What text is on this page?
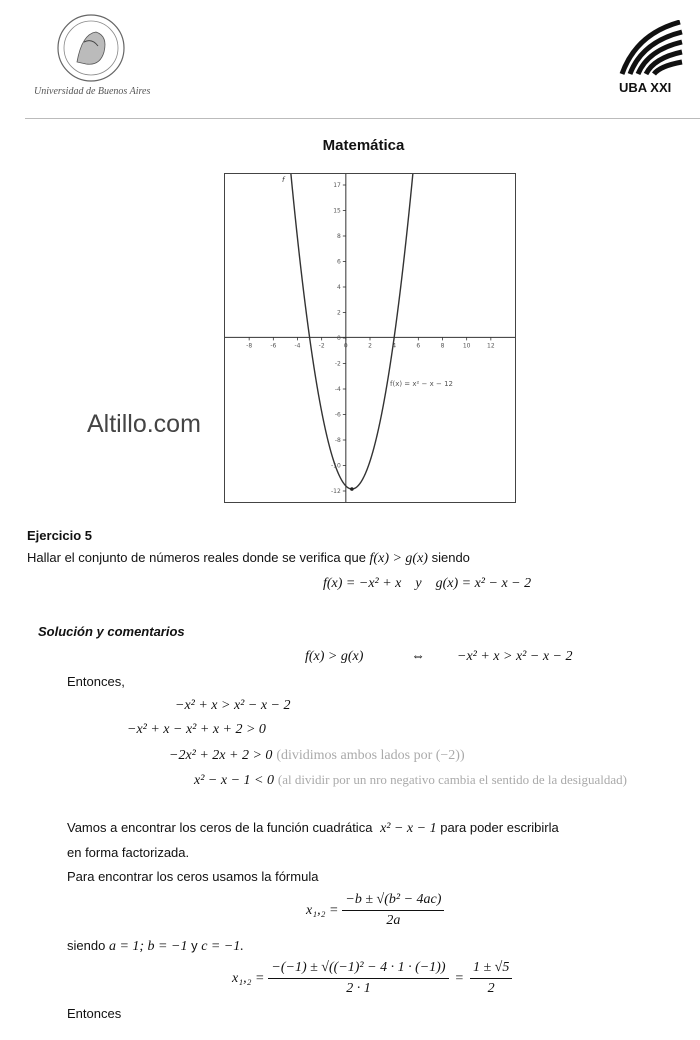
Universidad de Buenos Aires	UBA XXI
Matemática
-8	-6	-4	-2	0	2	4	6	8	10	12
17
15
8
6
4
2
0
-2
-4
-6
-8
-10
-12
f
f(x) = x² − x − 12
Altillo.com
Ejercicio 5
Hallar el conjunto de números reales donde se verifica que f(x) > g(x) siendo
f(x) = −x² + x    y    g(x) = x² − x − 2
Solución y comentarios
f(x) > g(x)	⇔ −x² + x > x² − x − 2
Entonces,
−x² + x > x² − x − 2
−x² + x − x² + x + 2 > 0
−2x² + 2x + 2 > 0 (dividimos ambos lados por (−2))
x² − x − 1 < 0 (al dividir por un nro negativo cambia el sentido de la desigualdad)
Vamos a encontrar los ceros de la función cuadrática x² − x − 1 para poder escribirla
en forma factorizada.
Para encontrar los ceros usamos la fórmula
$x_1,_2 = \frac{\text{−b ± √(b² − 4ac)}}{2a}$
siendo a = 1; b = −1 y c = −1.
$x_1,_2 = \frac{\text{−(−1) ± √((−1)² − 4 · 1 · (−1))}}{2 \cdot 1} = \frac{1 \pm √5}{2}$
Entonces
